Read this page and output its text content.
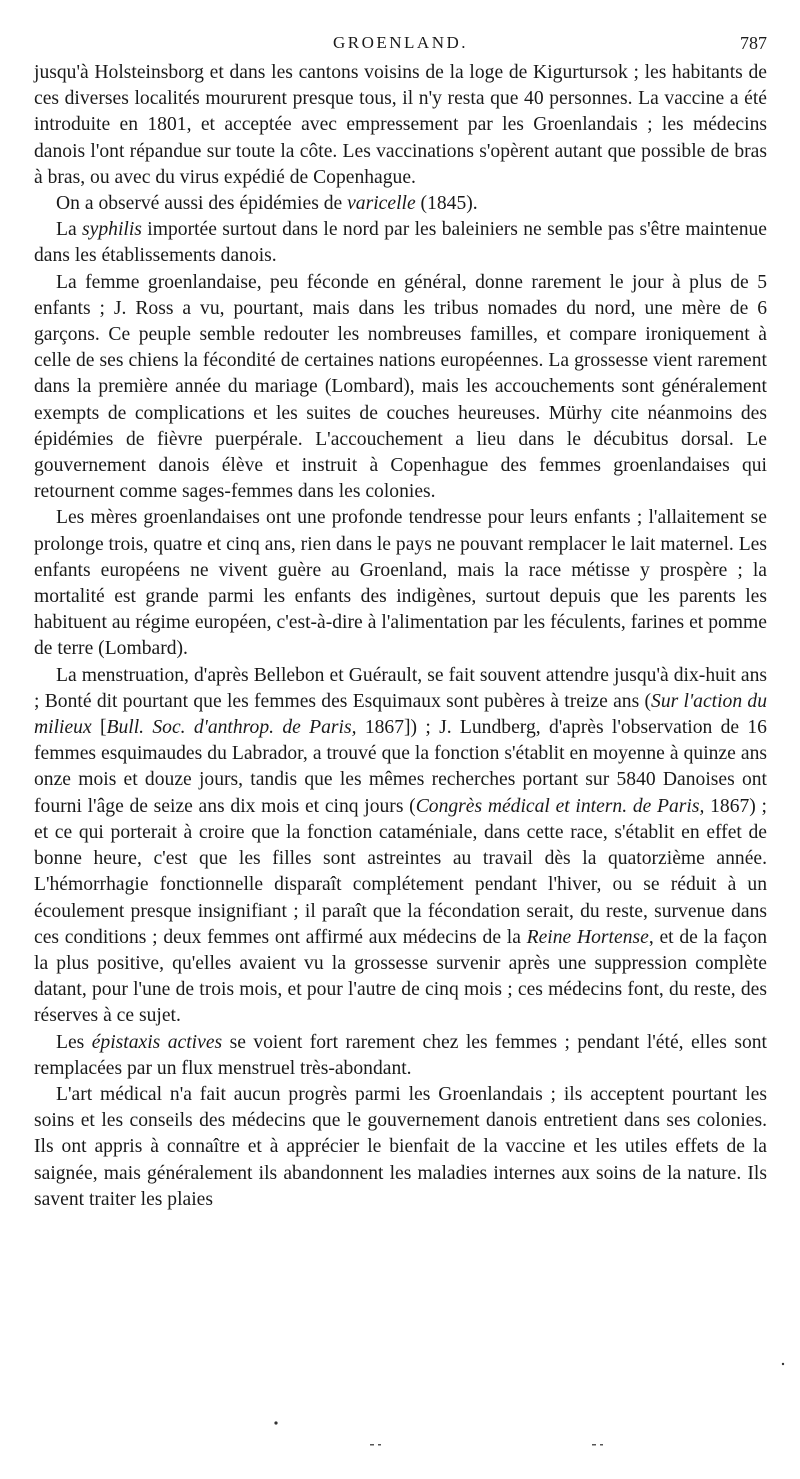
GROENLAND.	787

jusqu'à Holsteinsborg et dans les cantons voisins de la loge de Kigurtursok ; les habitants de ces diverses localités moururent presque tous, il n'y resta que 40 personnes. La vaccine a été introduite en 1801, et acceptée avec empressement par les Groenlandais ; les médecins danois l'ont répandue sur toute la côte. Les vaccinations s'opèrent autant que possible de bras à bras, ou avec du virus expédié de Copenhague.

On a observé aussi des épidémies de varicelle (1845).

La syphilis importée surtout dans le nord par les baleiniers ne semble pas s'être maintenue dans les établissements danois.

La femme groenlandaise, peu féconde en général, donne rarement le jour à plus de 5 enfants ; J. Ross a vu, pourtant, mais dans les tribus nomades du nord, une mère de 6 garçons. Ce peuple semble redouter les nombreuses familles, et compare ironiquement à celle de ses chiens la fécondité de certaines nations européennes. La grossesse vient rarement dans la première année du mariage (Lombard), mais les accouchements sont généralement exempts de complications et les suites de couches heureuses. Mürhy cite néanmoins des épidémies de fièvre puerpérale. L'accouchement a lieu dans le décubitus dorsal. Le gouvernement danois élève et instruit à Copenhague des femmes groenlandaises qui retournent comme sages-femmes dans les colonies.

Les mères groenlandaises ont une profonde tendresse pour leurs enfants ; l'allaitement se prolonge trois, quatre et cinq ans, rien dans le pays ne pouvant remplacer le lait maternel. Les enfants européens ne vivent guère au Groenland, mais la race métisse y prospère ; la mortalité est grande parmi les enfants des indigènes, surtout depuis que les parents les habituent au régime européen, c'est-à-dire à l'alimentation par les féculents, farines et pomme de terre (Lombard).

La menstruation, d'après Bellebon et Guérault, se fait souvent attendre jusqu'à dix-huit ans ; Bonté dit pourtant que les femmes des Esquimaux sont pubères à treize ans (Sur l'action du milieux [Bull. Soc. d'anthrop. de Paris, 1867]) ; J. Lundberg, d'après l'observation de 16 femmes esquimaudes du Labrador, a trouvé que la fonction s'établit en moyenne à quinze ans onze mois et douze jours, tandis que les mêmes recherches portant sur 5840 Danoises ont fourni l'âge de seize ans dix mois et cinq jours (Congrès médical et intern. de Paris, 1867) ; et ce qui porterait à croire que la fonction cataméniale, dans cette race, s'établit en effet de bonne heure, c'est que les filles sont astreintes au travail dès la quatorzième année. L'hémorrhagie fonctionnelle disparaît complétement pendant l'hiver, ou se réduit à un écoulement presque insignifiant ; il paraît que la fécondation serait, du reste, survenue dans ces conditions ; deux femmes ont affirmé aux médecins de la Reine Hortense, et de la façon la plus positive, qu'elles avaient vu la grossesse survenir après une suppression complète datant, pour l'une de trois mois, et pour l'autre de cinq mois ; ces médecins font, du reste, des réserves à ce sujet.

Les épistaxis actives se voient fort rarement chez les femmes ; pendant l'été, elles sont remplacées par un flux menstruel très-abondant.

L'art médical n'a fait aucun progrès parmi les Groenlandais ; ils acceptent pourtant les soins et les conseils des médecins que le gouvernement danois entretient dans ses colonies. Ils ont appris à connaître et à apprécier le bienfait de la vaccine et les utiles effets de la saignée, mais généralement ils abandonnent les maladies internes aux soins de la nature. Ils savent traiter les plaies
